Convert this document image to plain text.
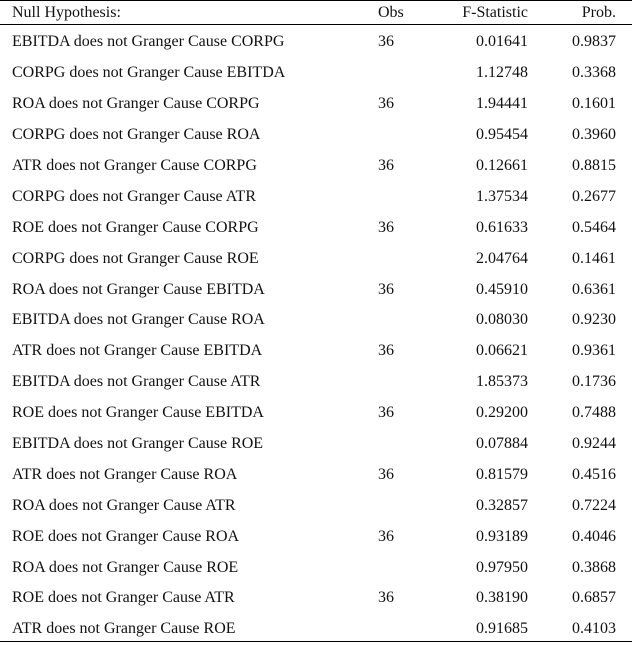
Null Hypothesis:	Obs	F-Statistic	Prob.
EBITDA does not Granger Cause CORPG	36	0.01641	0.9837
CORPG does not Granger Cause EBITDA		1.12748	0.3368
ROA does not Granger Cause CORPG	36	1.94441	0.1601
CORPG does not Granger Cause ROA		0.95454	0.3960
ATR does not Granger Cause CORPG	36	0.12661	0.8815
CORPG does not Granger Cause ATR		1.37534	0.2677
ROE does not Granger Cause CORPG	36	0.61633	0.5464
CORPG does not Granger Cause ROE		2.04764	0.1461
ROA does not Granger Cause EBITDA	36	0.45910	0.6361
EBITDA does not Granger Cause ROA		0.08030	0.9230
ATR does not Granger Cause EBITDA	36	0.06621	0.9361
EBITDA does not Granger Cause ATR		1.85373	0.1736
ROE does not Granger Cause EBITDA	36	0.29200	0.7488
EBITDA does not Granger Cause ROE		0.07884	0.9244
ATR does not Granger Cause ROA	36	0.81579	0.4516
ROA does not Granger Cause ATR		0.32857	0.7224
ROE does not Granger Cause ROA	36	0.93189	0.4046
ROA does not Granger Cause ROE		0.97950	0.3868
ROE does not Granger Cause ATR	36	0.38190	0.6857
ATR does not Granger Cause ROE		0.91685	0.4103
